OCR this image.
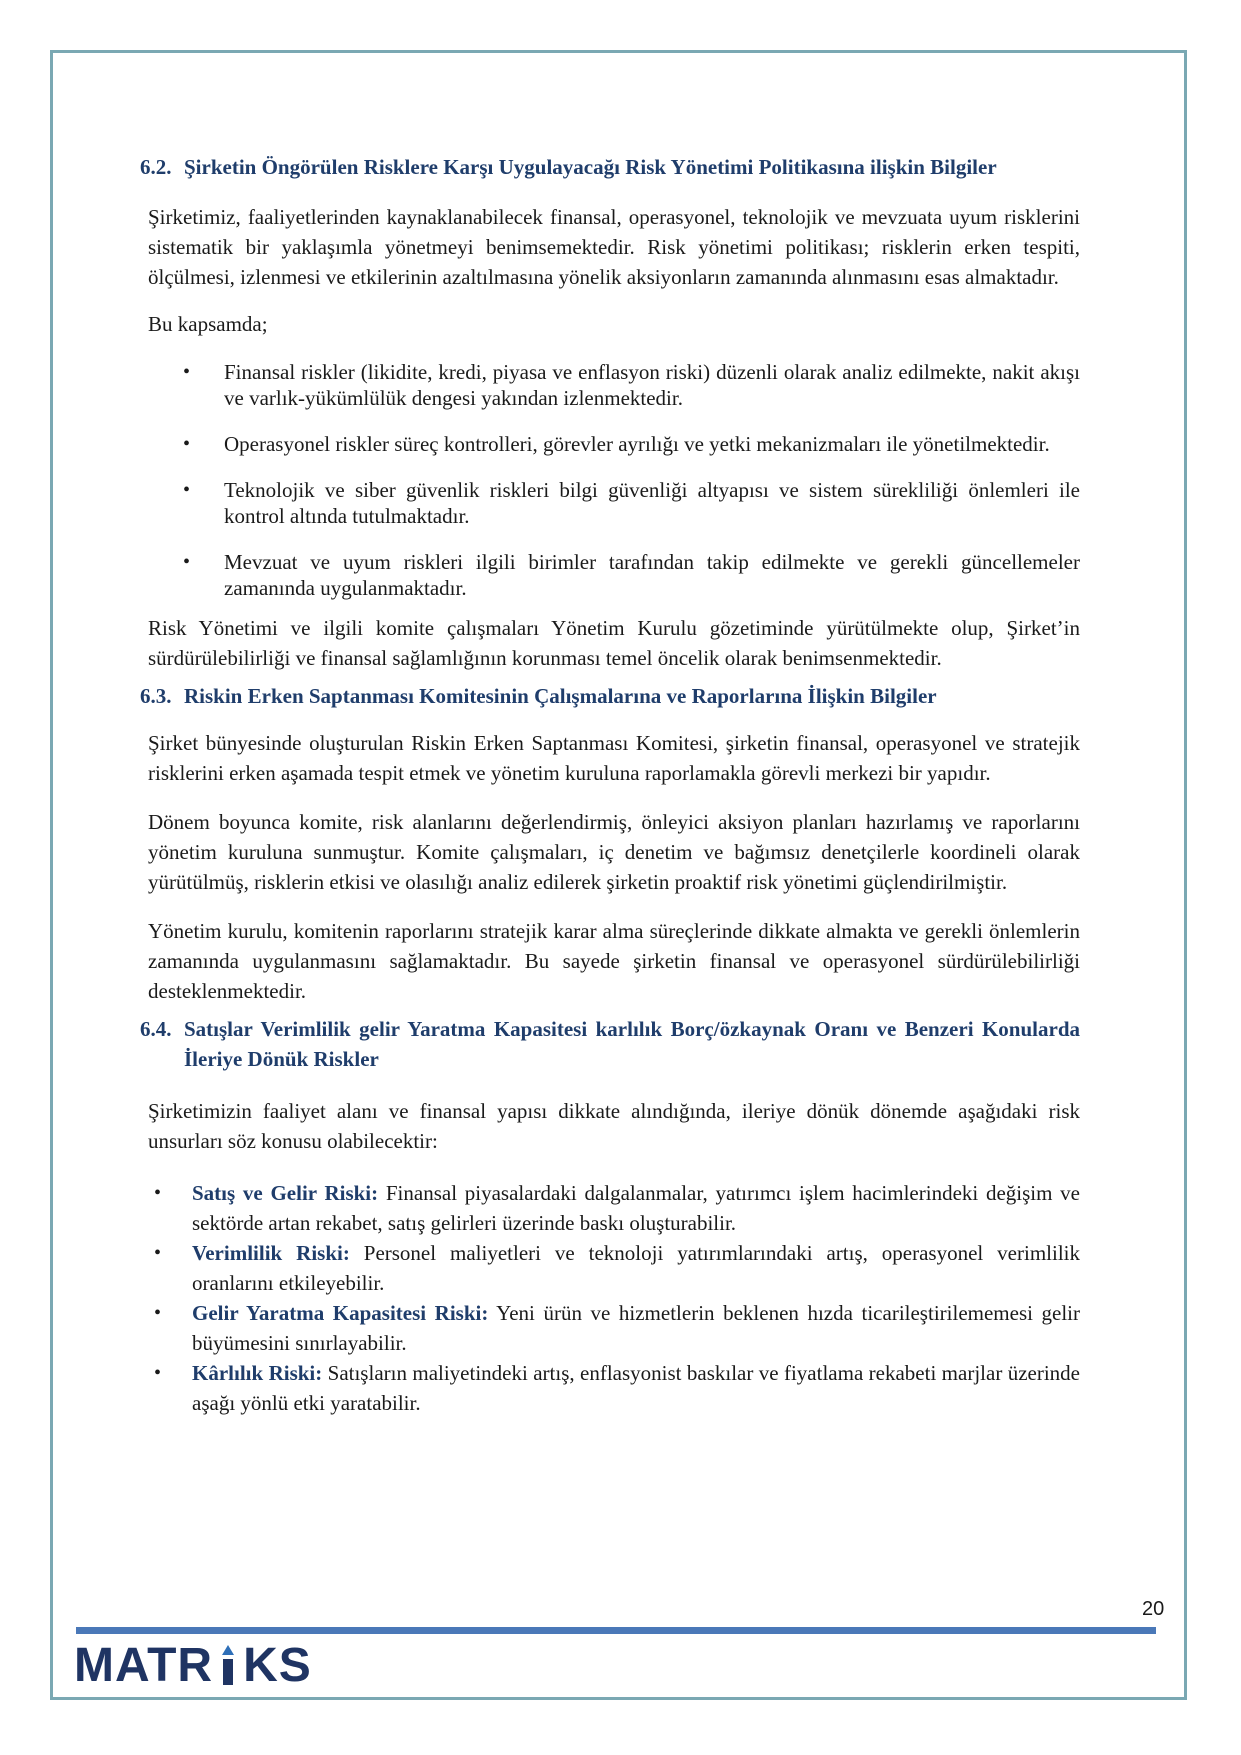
6.2. Şirketin Öngörülen Risklere Karşı Uygulayacağı Risk Yönetimi Politikasına ilişkin Bilgiler

Şirketimiz, faaliyetlerinden kaynaklanabilecek finansal, operasyonel, teknolojik ve mevzuata uyum risklerini sistematik bir yaklaşımla yönetmeyi benimsemektedir. Risk yönetimi politikası; risklerin erken tespiti, ölçülmesi, izlenmesi ve etkilerinin azaltılmasına yönelik aksiyonların zamanında alınmasını esas almaktadır.

Bu kapsamda;

• Finansal riskler (likidite, kredi, piyasa ve enflasyon riski) düzenli olarak analiz edilmekte, nakit akışı ve varlık-yükümlülük dengesi yakından izlenmektedir.
• Operasyonel riskler süreç kontrolleri, görevler ayrılığı ve yetki mekanizmaları ile yönetilmektedir.
• Teknolojik ve siber güvenlik riskleri bilgi güvenliği altyapısı ve sistem sürekliliği önlemleri ile kontrol altında tutulmaktadır.
• Mevzuat ve uyum riskleri ilgili birimler tarafından takip edilmekte ve gerekli güncellemeler zamanında uygulanmaktadır.

Risk Yönetimi ve ilgili komite çalışmaları Yönetim Kurulu gözetiminde yürütülmekte olup, Şirket’in sürdürülebilirliği ve finansal sağlamlığının korunması temel öncelik olarak benimsenmektedir.

6.3. Riskin Erken Saptanması Komitesinin Çalışmalarına ve Raporlarına İlişkin Bilgiler

Şirket bünyesinde oluşturulan Riskin Erken Saptanması Komitesi, şirketin finansal, operasyonel ve stratejik risklerini erken aşamada tespit etmek ve yönetim kuruluna raporlamakla görevli merkezi bir yapıdır.

Dönem boyunca komite, risk alanlarını değerlendirmiş, önleyici aksiyon planları hazırlamış ve raporlarını yönetim kuruluna sunmuştur. Komite çalışmaları, iç denetim ve bağımsız denetçilerle koordineli olarak yürütülmüş, risklerin etkisi ve olasılığı analiz edilerek şirketin proaktif risk yönetimi güçlendirilmiştir.

Yönetim kurulu, komitenin raporlarını stratejik karar alma süreçlerinde dikkate almakta ve gerekli önlemlerin zamanında uygulanmasını sağlamaktadır. Bu sayede şirketin finansal ve operasyonel sürdürülebilirliği desteklenmektedir.

6.4. Satışlar Verimlilik gelir Yaratma Kapasitesi karlılık Borç/özkaynak Oranı ve Benzeri Konularda İleriye Dönük Riskler

Şirketimizin faaliyet alanı ve finansal yapısı dikkate alındığında, ileriye dönük dönemde aşağıdaki risk unsurları söz konusu olabilecektir:

• Satış ve Gelir Riski: Finansal piyasalardaki dalgalanmalar, yatırımcı işlem hacimlerindeki değişim ve sektörde artan rekabet, satış gelirleri üzerinde baskı oluşturabilir.
• Verimlilik Riski: Personel maliyetleri ve teknoloji yatırımlarındaki artış, operasyonel verimlilik oranlarını etkileyebilir.
• Gelir Yaratma Kapasitesi Riski: Yeni ürün ve hizmetlerin beklenen hızda ticarileştirilememesi gelir büyümesini sınırlayabilir.
• Kârlılık Riski: Satışların maliyetindeki artış, enflasyonist baskılar ve fiyatlama rekabeti marjlar üzerinde aşağı yönlü etki yaratabilir.
20
MATR KS
